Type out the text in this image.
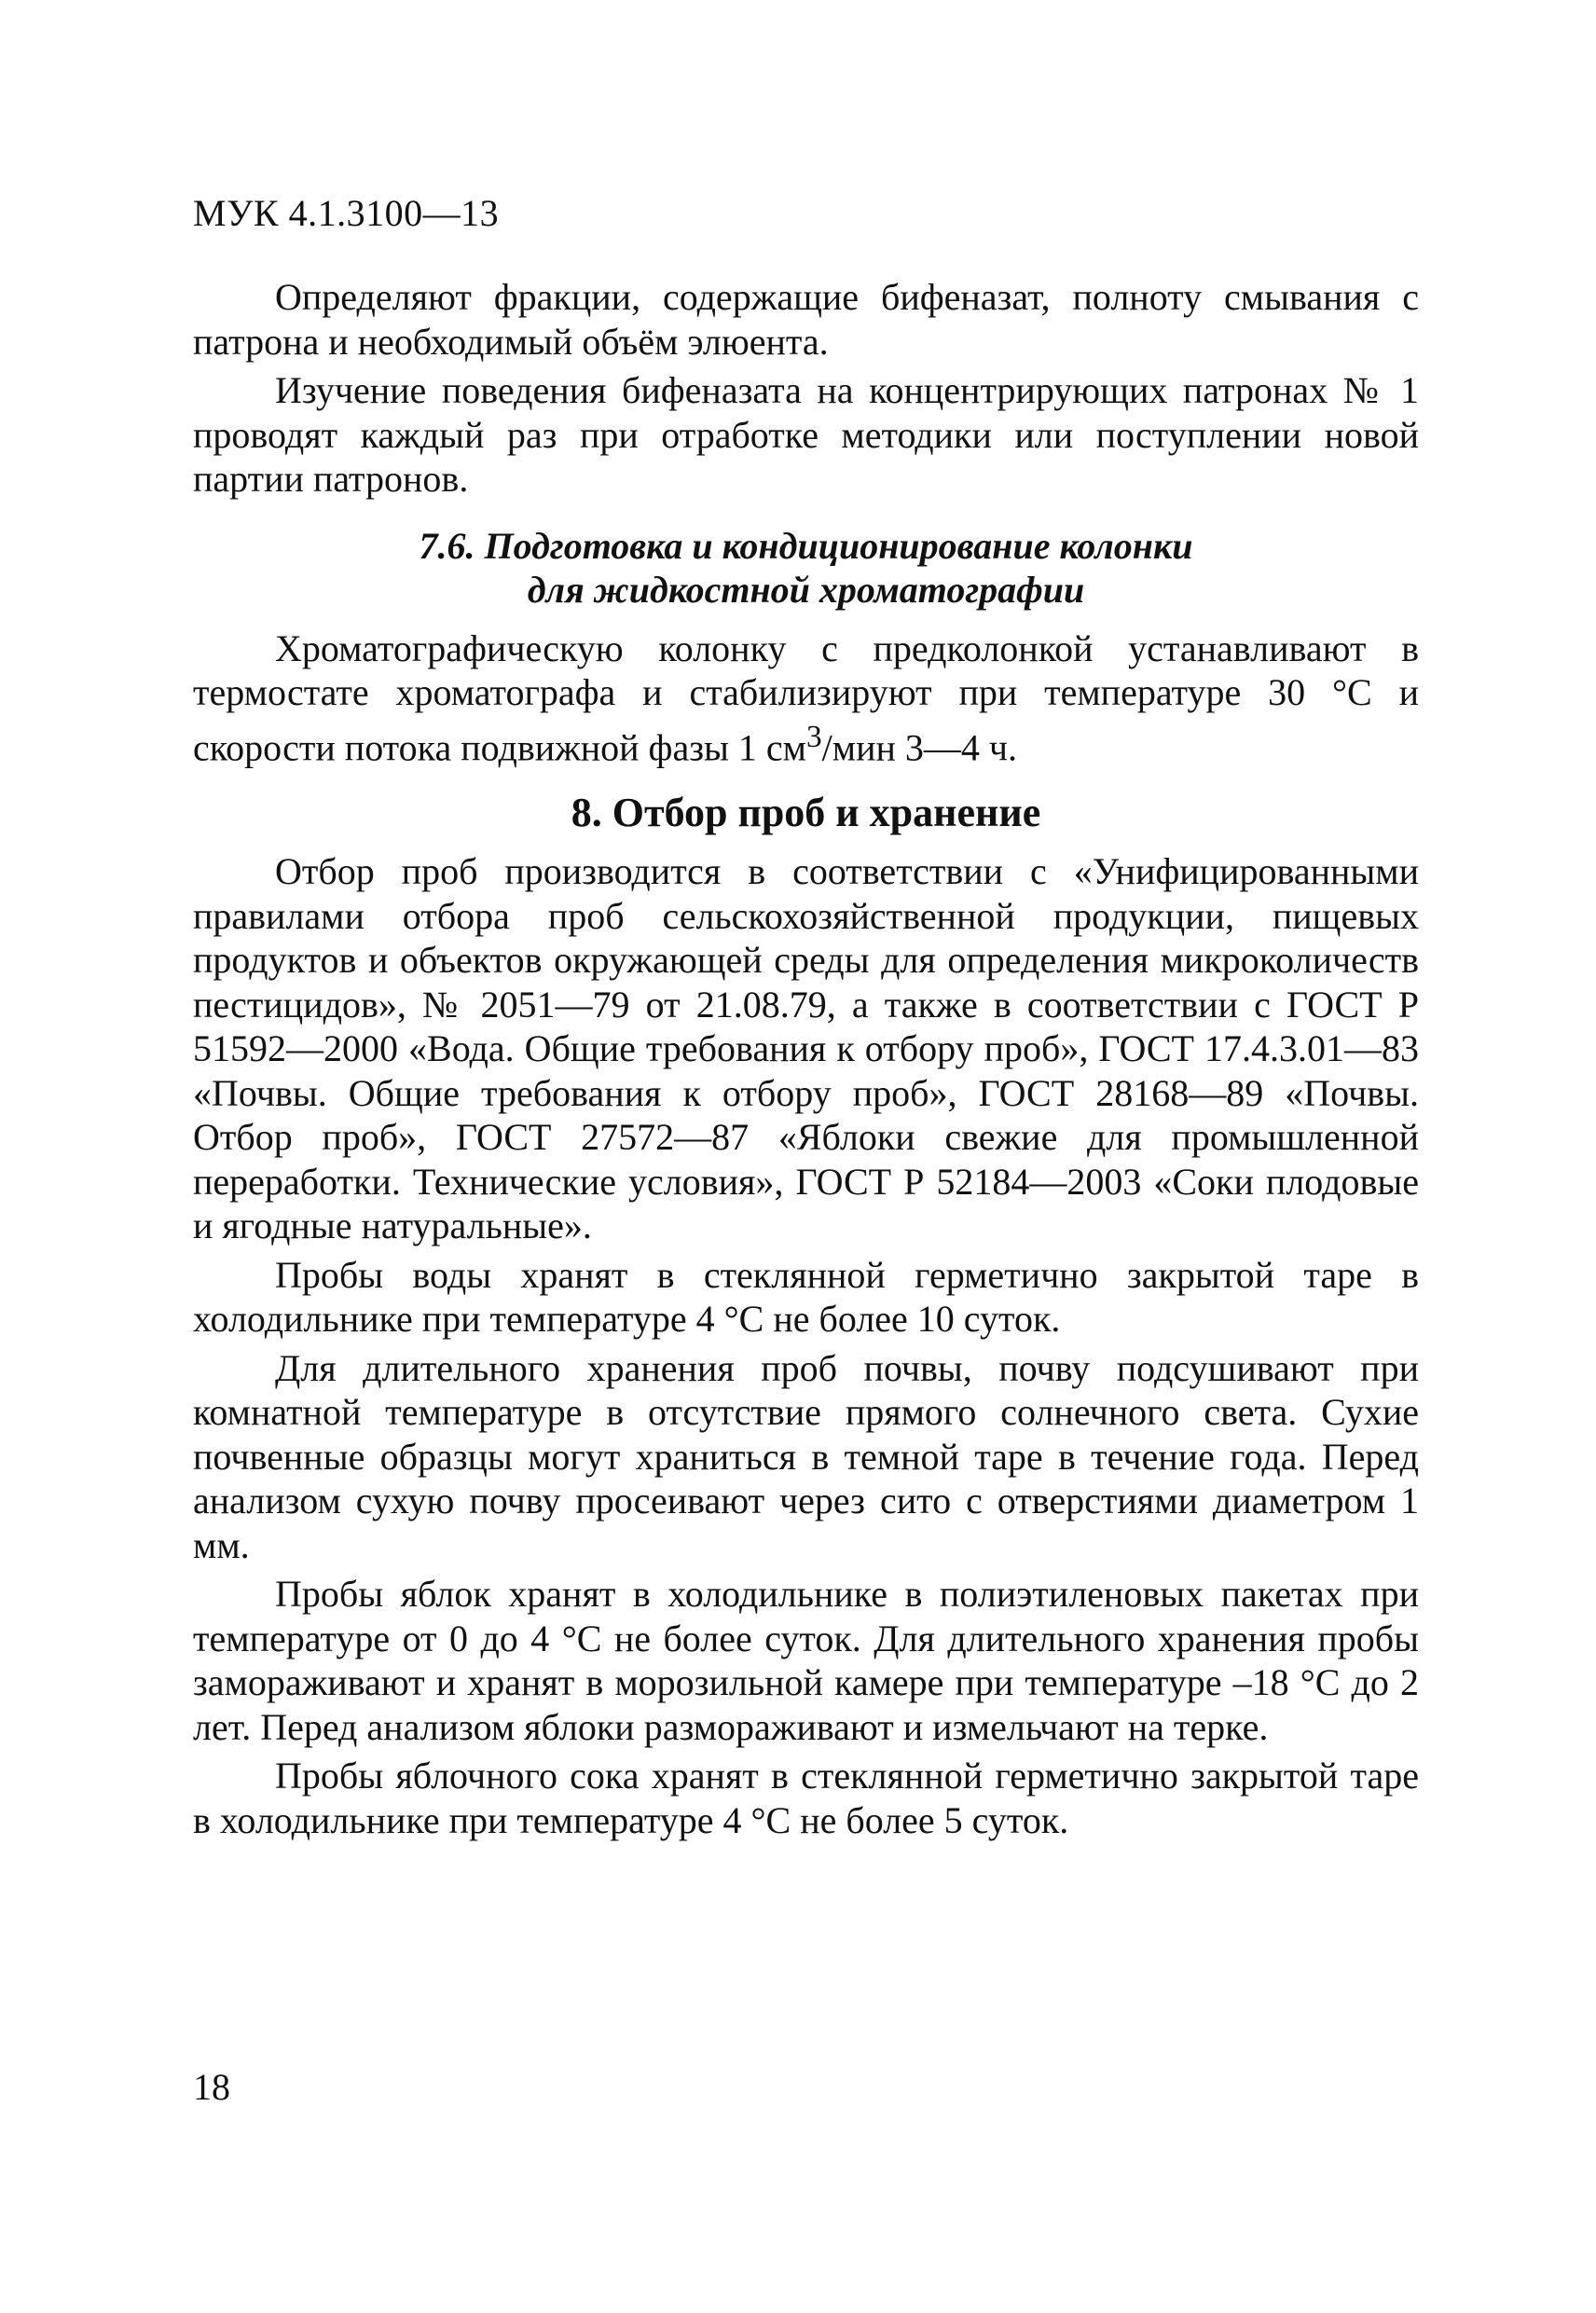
МУК 4.1.3100—13

Определяют фракции, содержащие бифеназат, полноту смывания с патрона и необходимый объём элюента.

Изучение поведения бифеназата на концентрирующих патронах № 1 проводят каждый раз при отработке методики или поступлении новой партии патронов.

7.6. Подготовка и кондиционирование колонки
для жидкостной хроматографии

Хроматографическую колонку с предколонкой устанавливают в термостате хроматографа и стабилизируют при температуре 30 °С и скорости потока подвижной фазы 1 $см^3$/мин 3—4 ч.

8. Отбор проб и хранение

Отбор проб производится в соответствии с «Унифицированными правилами отбора проб сельскохозяйственной продукции, пищевых продуктов и объектов окружающей среды для определения микроколичеств пестицидов», № 2051—79 от 21.08.79, а также в соответствии с ГОСТ Р 51592—2000 «Вода. Общие требования к отбору проб», ГОСТ 17.4.3.01—83 «Почвы. Общие требования к отбору проб», ГОСТ 28168—89 «Почвы. Отбор проб», ГОСТ 27572—87 «Яблоки свежие для промышленной переработки. Технические условия», ГОСТ Р 52184—2003 «Соки плодовые и ягодные натуральные».

Пробы воды хранят в стеклянной герметично закрытой таре в холодильнике при температуре 4 °С не более 10 суток.

Для длительного хранения проб почвы, почву подсушивают при комнатной температуре в отсутствие прямого солнечного света. Сухие почвенные образцы могут храниться в темной таре в течение года. Перед анализом сухую почву просеивают через сито с отверстиями диаметром 1 мм.

Пробы яблок хранят в холодильнике в полиэтиленовых пакетах при температуре от 0 до 4 °С не более суток. Для длительного хранения пробы замораживают и хранят в морозильной камере при температуре –18 °С до 2 лет. Перед анализом яблоки размораживают и измельчают на терке.

Пробы яблочного сока хранят в стеклянной герметично закрытой таре в холодильнике при температуре 4 °С не более 5 суток.

18
